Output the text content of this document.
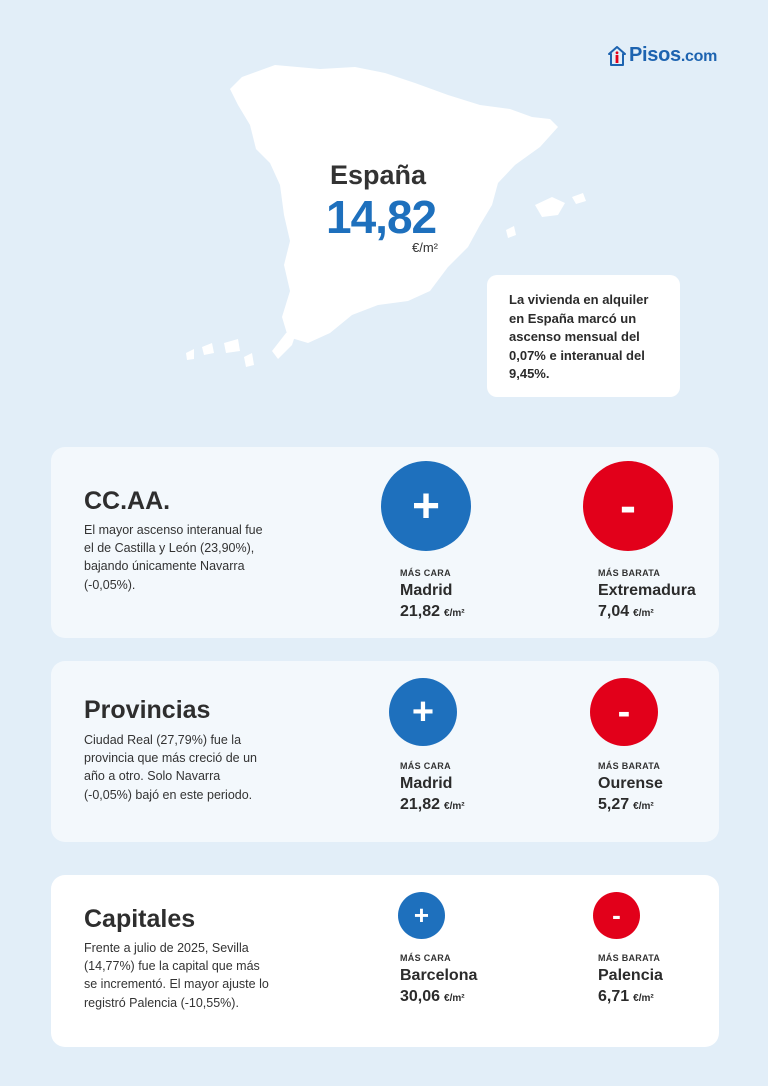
Pisos.com
España
14,82
€/m²
La vivienda en alquiler en España marcó un ascenso mensual del 0,07% e interanual del 9,45%.
CC.AA.
El mayor ascenso interanual fue el de Castilla y León (23,90%), bajando únicamente Navarra (-0,05%).
+
MÁS CARA
Madrid
21,82 €/m²
-
MÁS BARATA
Extremadura
7,04 €/m²
Provincias
Ciudad Real (27,79%) fue la provincia que más creció de un año a otro. Solo Navarra (-0,05%) bajó en este periodo.
+
MÁS CARA
Madrid
21,82 €/m²
-
MÁS BARATA
Ourense
5,27 €/m²
Capitales
Frente a julio de 2025, Sevilla (14,77%) fue la capital que más se incrementó. El mayor ajuste lo registró Palencia (-10,55%).
+
MÁS CARA
Barcelona
30,06 €/m²
-
MÁS BARATA
Palencia
6,71 €/m²
